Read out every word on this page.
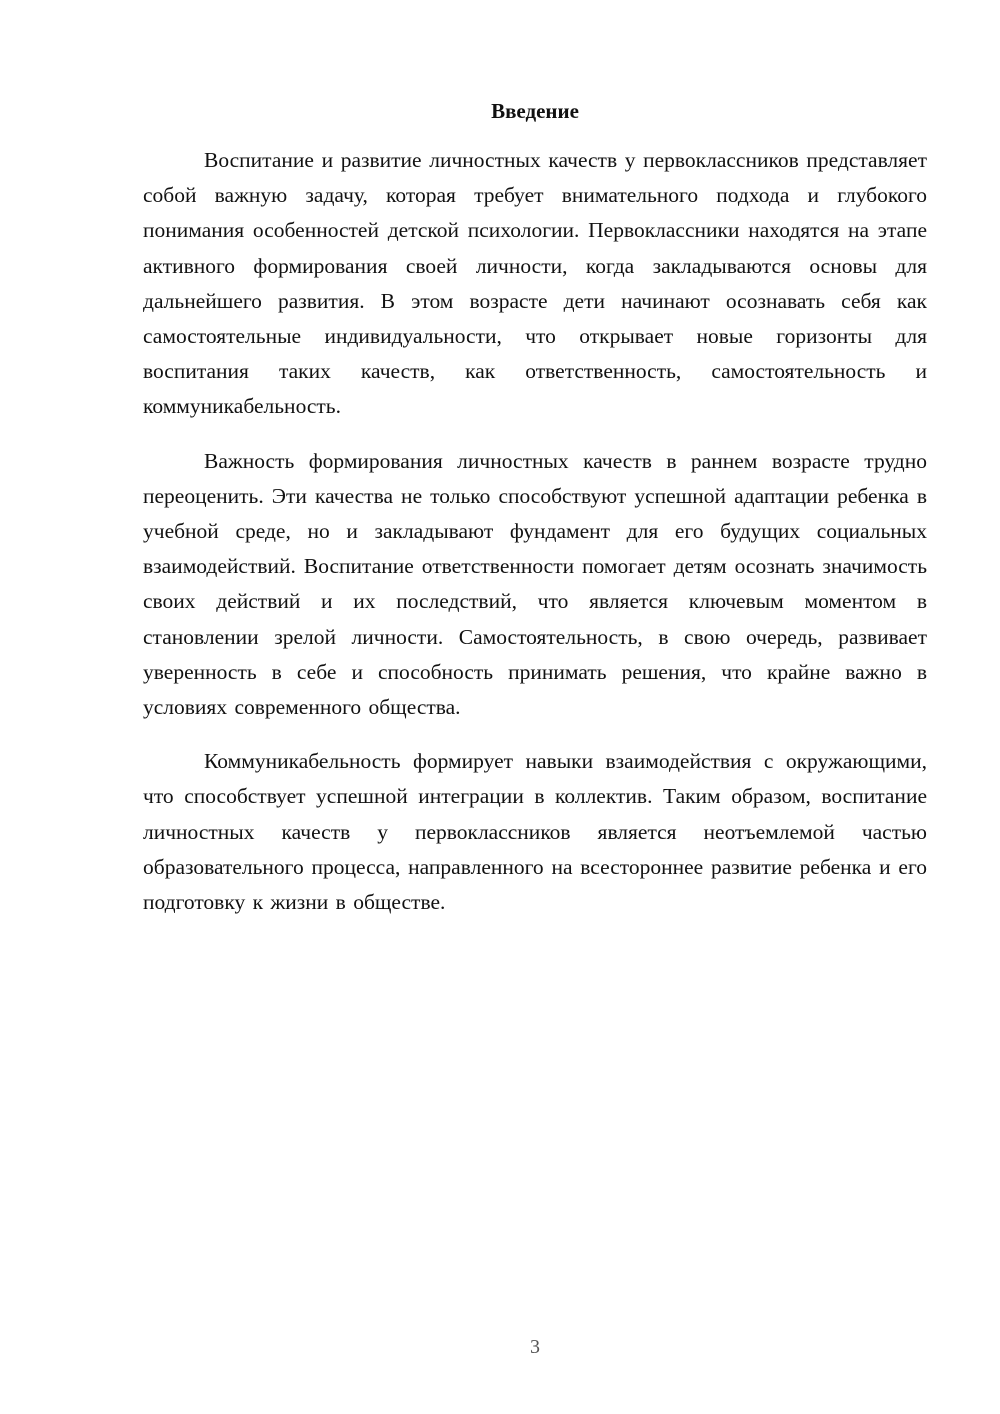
Введение

Воспитание и развитие личностных качеств у первоклассников представляет собой важную задачу, которая требует внимательного подхода и глубокого понимания особенностей детской психологии. Первоклассники находятся на этапе активного формирования своей личности, когда закладываются основы для дальнейшего развития. В этом возрасте дети начинают осознавать себя как самостоятельные индивидуальности, что открывает новые горизонты для воспитания таких качеств, как ответственность, самостоятельность и коммуникабельность.

Важность формирования личностных качеств в раннем возрасте трудно переоценить. Эти качества не только способствуют успешной адаптации ребенка в учебной среде, но и закладывают фундамент для его будущих социальных взаимодействий. Воспитание ответственности помогает детям осознать значимость своих действий и их последствий, что является ключевым моментом в становлении зрелой личности. Самостоятельность, в свою очередь, развивает уверенность в себе и способность принимать решения, что крайне важно в условиях современного общества.

Коммуникабельность формирует навыки взаимодействия с окружающими, что способствует успешной интеграции в коллектив. Таким образом, воспитание личностных качеств у первоклассников является неотъемлемой частью образовательного процесса, направленного на всестороннее развитие ребенка и его подготовку к жизни в обществе.

3
